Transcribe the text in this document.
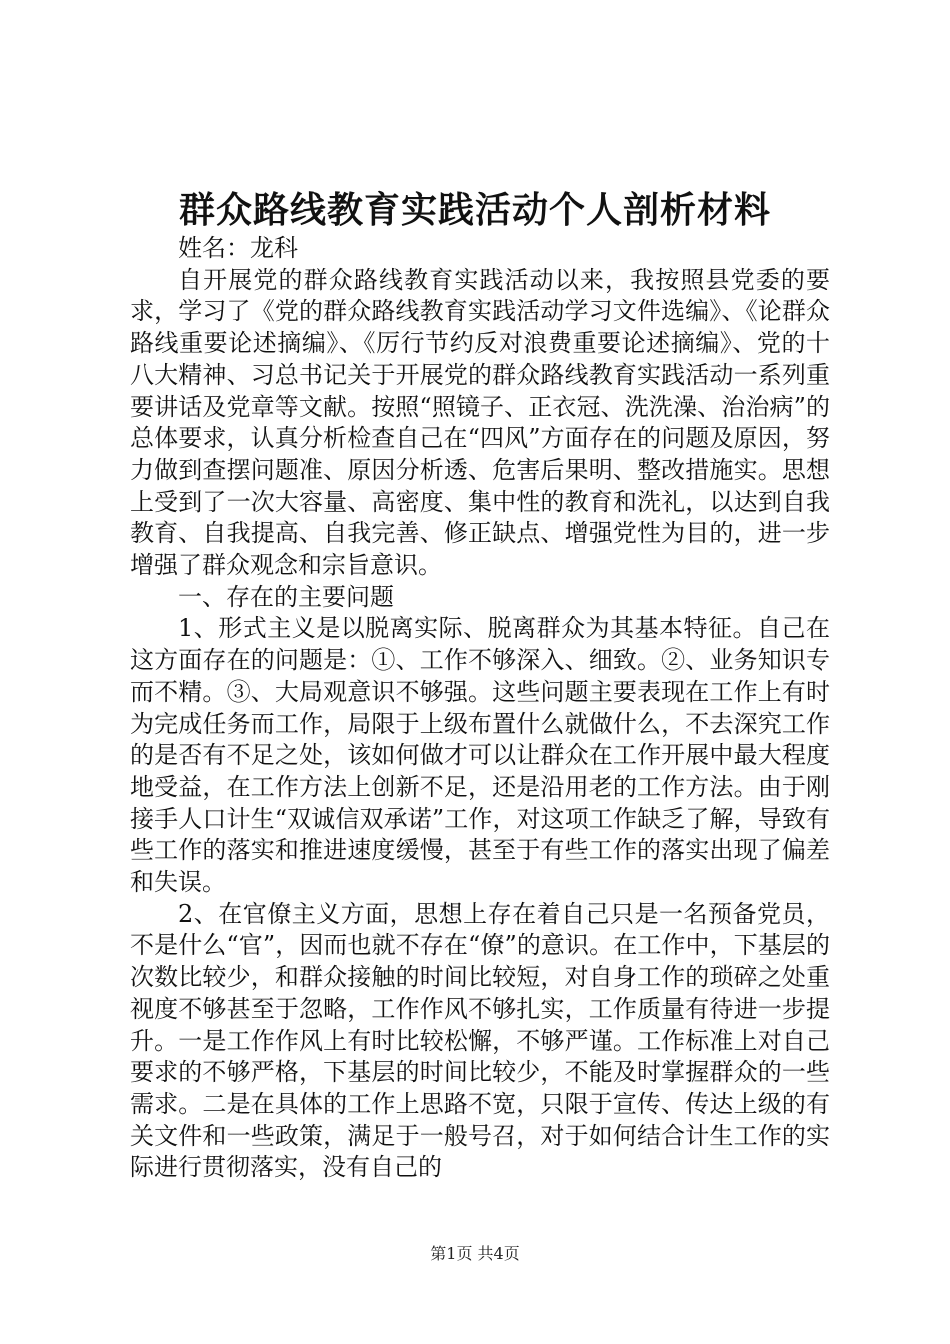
群众路线教育实践活动个人剖析材料

姓名：龙科

自开展党的群众路线教育实践活动以来，我按照县党委的要求，学习了《党的群众路线教育实践活动学习文件选编》、《论群众路线重要论述摘编》、《厉行节约反对浪费重要论述摘编》、党的十八大精神、习总书记关于开展党的群众路线教育实践活动一系列重要讲话及党章等文献。按照“照镜子、正衣冠、洗洗澡、治治病”的总体要求，认真分析检查自己在“四风”方面存在的问题及原因，努力做到查摆问题准、原因分析透、危害后果明、整改措施实。思想上受到了一次大容量、高密度、集中性的教育和洗礼，以达到自我教育、自我提高、自我完善、修正缺点、增强党性为目的，进一步增强了群众观念和宗旨意识。

一、存在的主要问题

1、形式主义是以脱离实际、脱离群众为其基本特征。自己在这方面存在的问题是：①、工作不够深入、细致。②、业务知识专而不精。③、大局观意识不够强。这些问题主要表现在工作上有时为完成任务而工作，局限于上级布置什么就做什么，不去深究工作的是否有不足之处，该如何做才可以让群众在工作开展中最大程度地受益，在工作方法上创新不足，还是沿用老的工作方法。由于刚接手人口计生“双诚信双承诺”工作，对这项工作缺乏了解，导致有些工作的落实和推进速度缓慢，甚至于有些工作的落实出现了偏差和失误。

2、在官僚主义方面，思想上存在着自己只是一名预备党员，不是什么“官”，因而也就不存在“僚”的意识。在工作中，下基层的次数比较少，和群众接触的时间比较短，对自身工作的琐碎之处重视度不够甚至于忽略，工作作风不够扎实，工作质量有待进一步提升。一是工作作风上有时比较松懈，不够严谨。工作标准上对自己要求的不够严格，下基层的时间比较少，不能及时掌握群众的一些需求。二是在具体的工作上思路不宽，只限于宣传、传达上级的有关文件和一些政策，满足于一般号召，对于如何结合计生工作的实际进行贯彻落实，没有自己的

第1页 共4页
